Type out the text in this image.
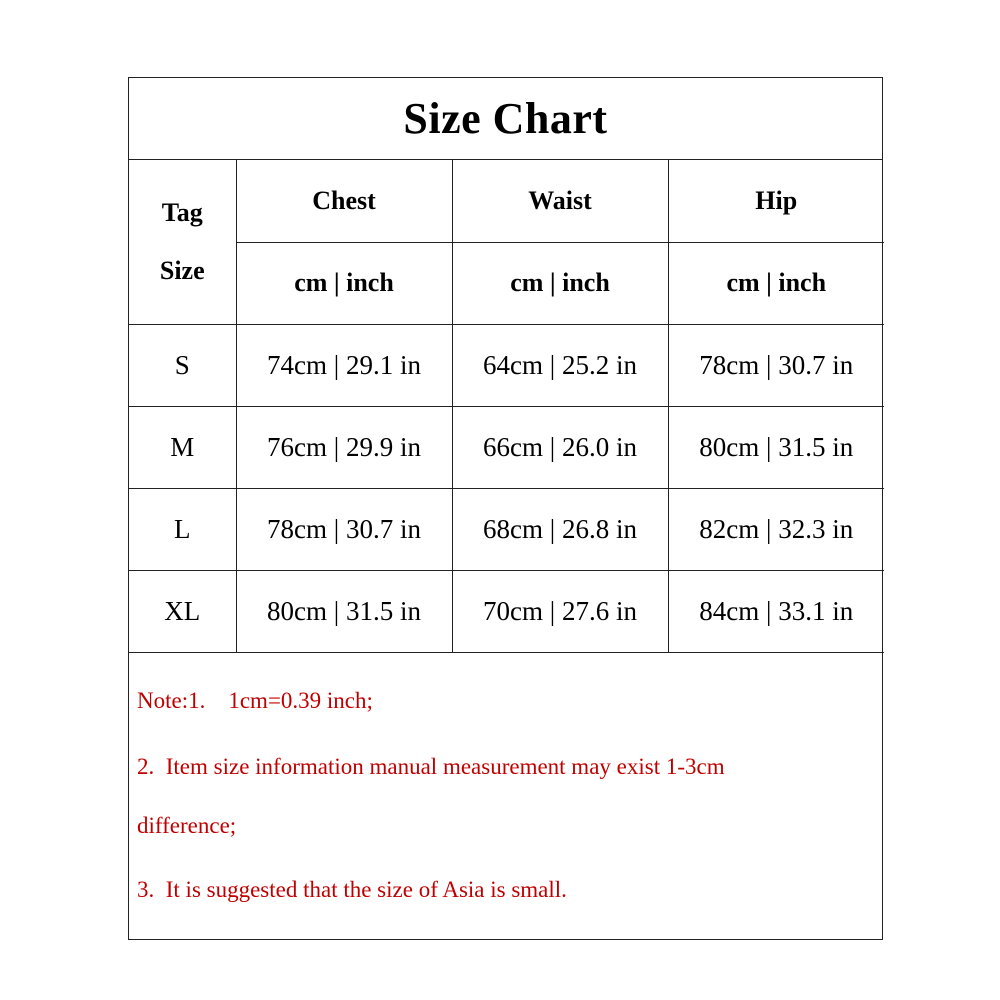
Size Chart
Tag
Size	Chest	Waist	Hip
	cm | inch	cm | inch	cm | inch
S	74cm | 29.1 in	64cm | 25.2 in	78cm | 30.7 in
M	76cm | 29.9 in	66cm | 26.0 in	80cm | 31.5 in
L	78cm | 30.7 in	68cm | 26.8 in	82cm | 32.3 in
XL	80cm | 31.5 in	70cm | 27.6 in	84cm | 33.1 in
Note:1.    1cm=0.39 inch;
2.  Item size information manual measurement may exist 1-3cm
difference;
3.  It is suggested that the size of Asia is small.
